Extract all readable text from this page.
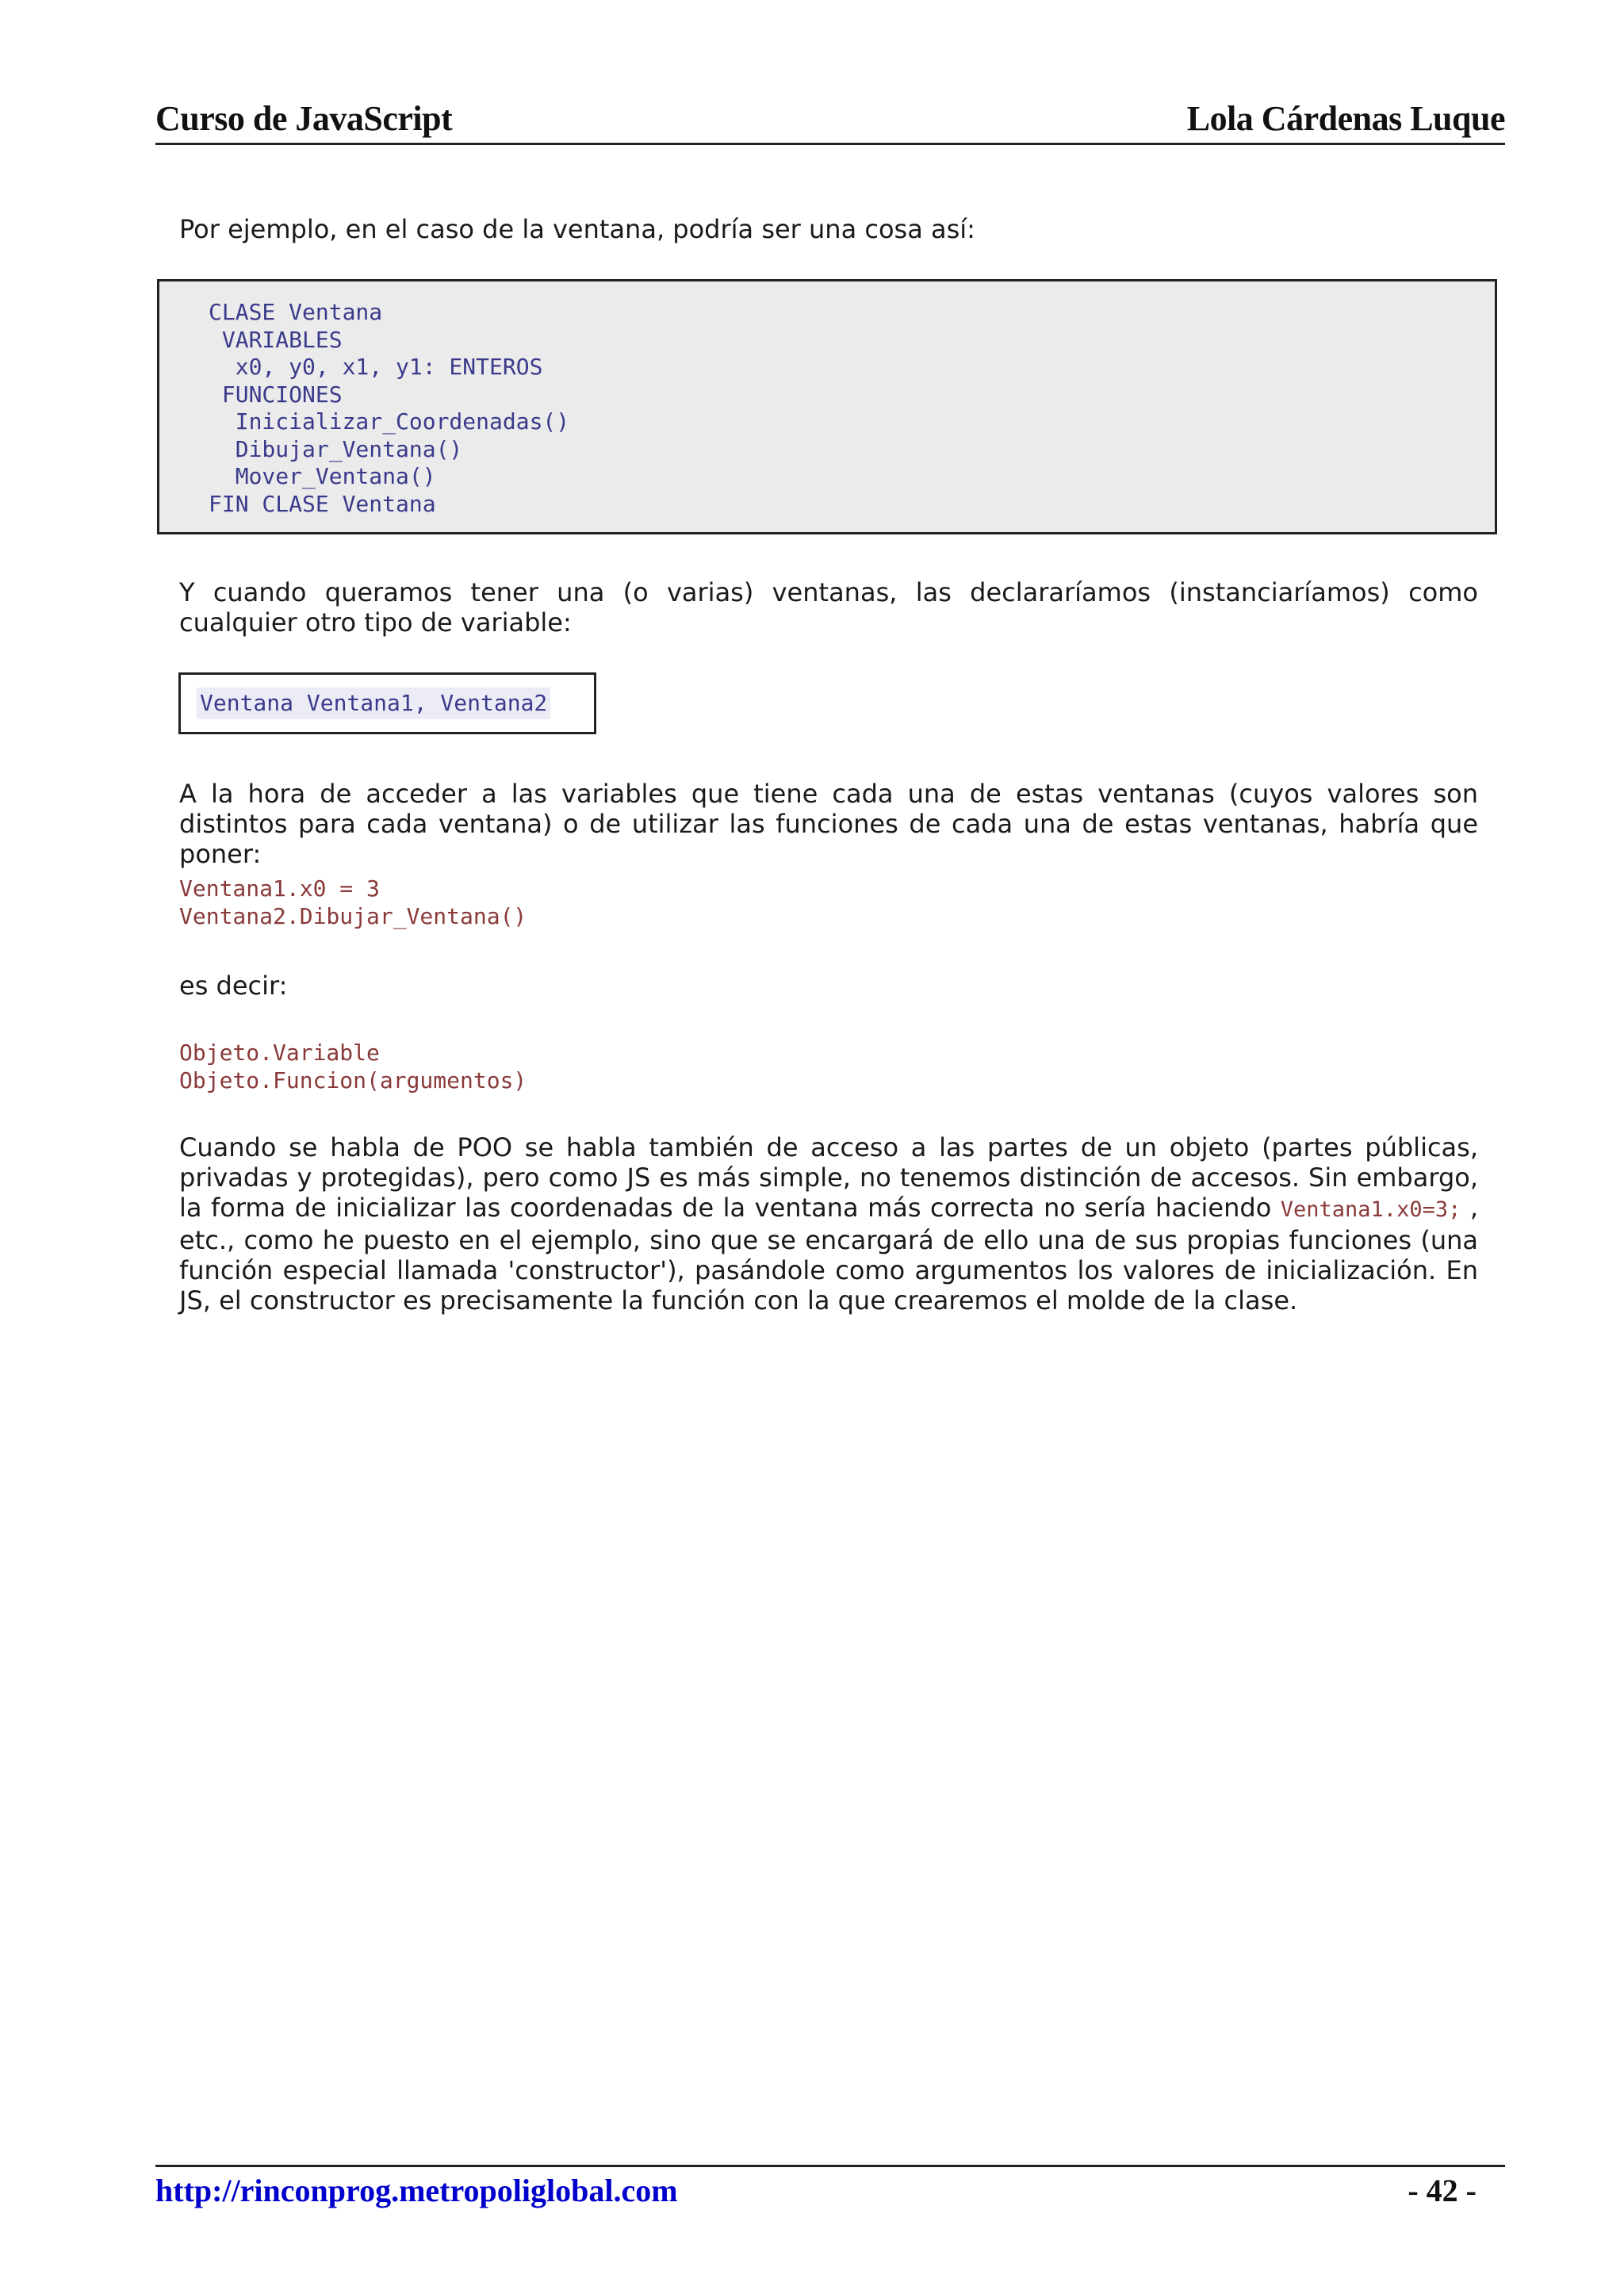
Curso de JavaScript	Lola Cárdenas Luque
Por ejemplo, en el caso de la ventana, podría ser una cosa así:
CLASE Ventana
VARIABLES
x0, y0, x1, y1: ENTEROS
FUNCIONES
Inicializar_Coordenadas()
Dibujar_Ventana()
Mover_Ventana()
FIN CLASE Ventana
Y cuando queramos tener una (o varias) ventanas, las declararíamos (instanciaríamos) como cualquier otro tipo de variable:
Ventana Ventana1, Ventana2
A la hora de acceder a las variables que tiene cada una de estas ventanas (cuyos valores son distintos para cada ventana) o de utilizar las funciones de cada una de estas ventanas, habría que poner:
Ventana1.x0 = 3
Ventana2.Dibujar_Ventana()
es decir:
Objeto.Variable
Objeto.Funcion(argumentos)
Cuando se habla de POO se habla también de acceso a las partes de un objeto (partes públicas, privadas y protegidas), pero como JS es más simple, no tenemos distinción de accesos. Sin embargo, la forma de inicializar las coordenadas de la ventana más correcta no sería haciendo Ventana1.x0=3; , etc., como he puesto en el ejemplo, sino que se encargará de ello una de sus propias funciones (una función especial llamada 'constructor'), pasándole como argumentos los valores de inicialización. En JS, el constructor es precisamente la función con la que crearemos el molde de la clase.
http://rinconprog.metropoliglobal.com	- 42 -
